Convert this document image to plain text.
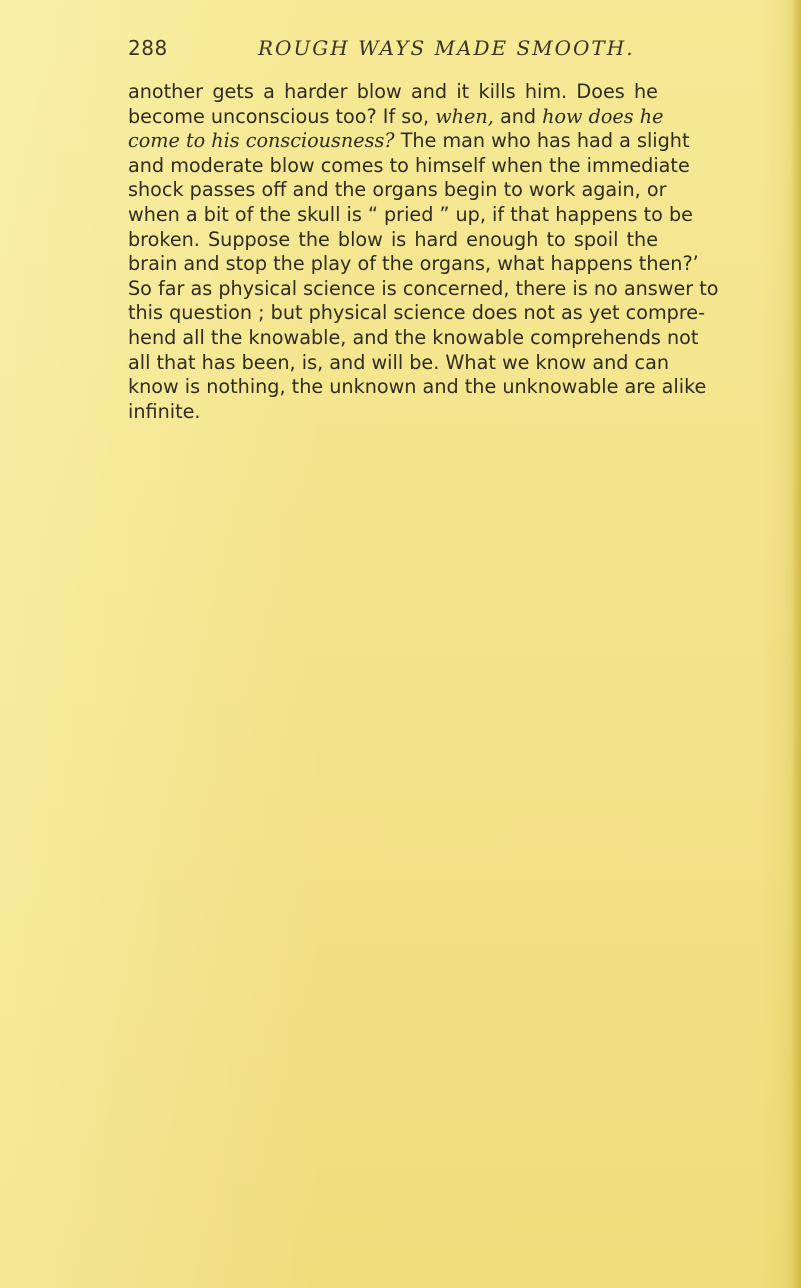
288	ROUGH WAYS MADE SMOOTH.
another gets a harder blow and it kills him. Does he
become unconscious too? If so, when, and how does he
come to his consciousness? The man who has had a slight
and moderate blow comes to himself when the immediate
shock passes off and the organs begin to work again, or
when a bit of the skull is “ pried ” up, if that happens to be
broken. Suppose the blow is hard enough to spoil the
brain and stop the play of the organs, what happens then?’
So far as physical science is concerned, there is no answer to
this question ; but physical science does not as yet compre-
hend all the knowable, and the knowable comprehends not
all that has been, is, and will be. What we know and can
know is nothing, the unknown and the unknowable are alike
infinite.
